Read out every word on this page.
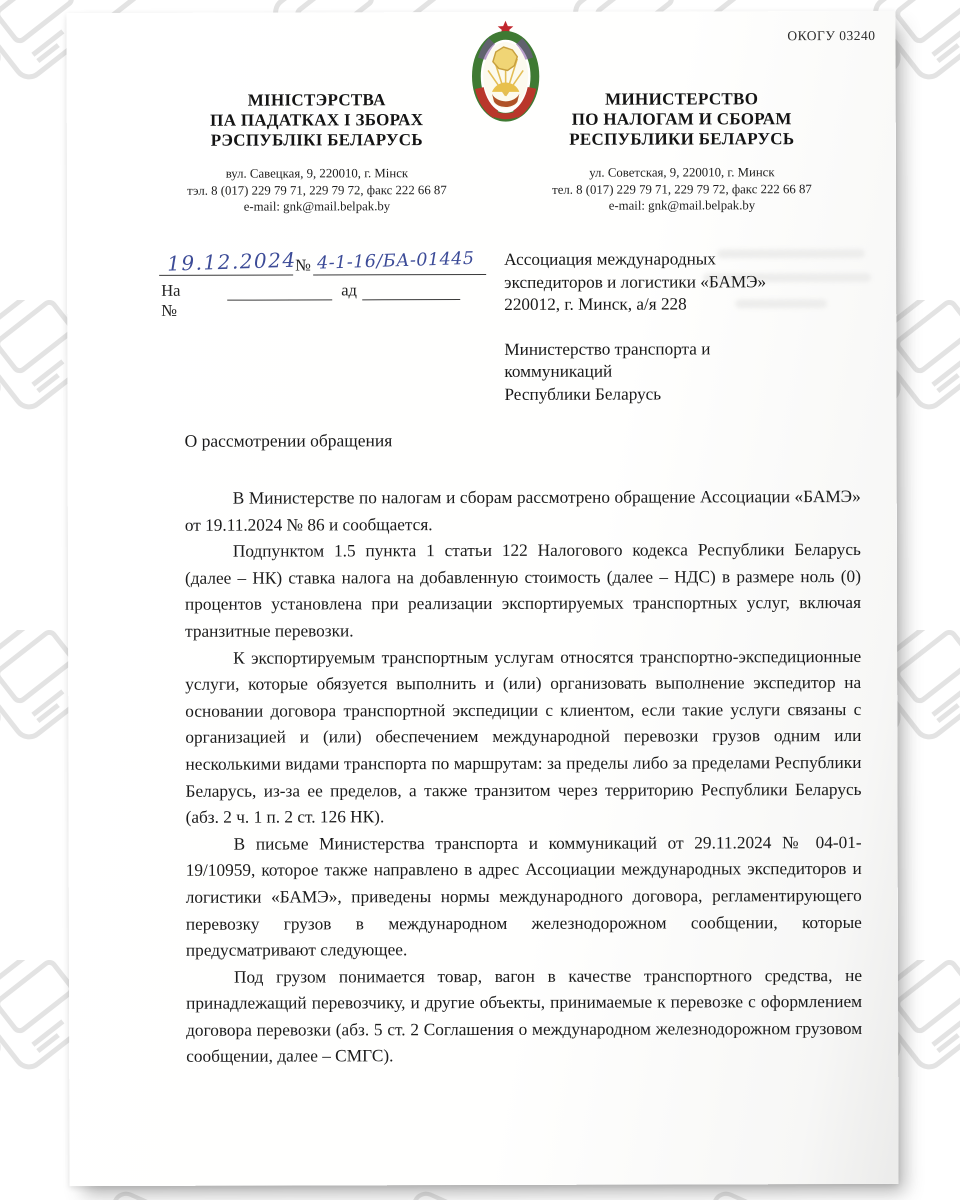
ОКОГУ 03240
МІНІСТЭРСТВА
ПА ПАДАТКАХ І ЗБОРАХ
РЭСПУБЛІКІ БЕЛАРУСЬ
вул. Савецкая, 9, 220010, г. Мінск
тэл. 8 (017) 229 79 71, 229 79 72, факс 222 66 87
e-mail: gnk@mail.belpak.by
МИНИСТЕРСТВО
ПО НАЛОГАМ И СБОРАМ
РЕСПУБЛИКИ БЕЛАРУСЬ
ул. Советская, 9, 220010, г. Минск
тел. 8 (017) 229 79 71, 229 79 72, факс 222 66 87
e-mail: gnk@mail.belpak.by
19.12.2024
№ 4-1-16/БА-01445
На №
ад
Ассоциация международных
экспедиторов и логистики «БАМЭ»
220012, г. Минск, а/я 228
Министерство транспорта и
коммуникаций
Республики Беларусь
О рассмотрении обращения

В Министерстве по налогам и сборам рассмотрено обращение Ассоциации «БАМЭ» от 19.11.2024 № 86 и сообщается.

Подпунктом 1.5 пункта 1 статьи 122 Налогового кодекса Республики Беларусь (далее – НК) ставка налога на добавленную стоимость (далее – НДС) в размере ноль (0) процентов установлена при реализации экспортируемых транспортных услуг, включая транзитные перевозки.

К экспортируемым транспортным услугам относятся транспортно-экспедиционные услуги, которые обязуется выполнить и (или) организовать выполнение экспедитор на основании договора транспортной экспедиции с клиентом, если такие услуги связаны с организацией и (или) обеспечением международной перевозки грузов одним или несколькими видами транспорта по маршрутам: за пределы либо за пределами Республики Беларусь, из-за ее пределов, а также транзитом через территорию Республики Беларусь (абз. 2 ч. 1 п. 2 ст. 126 НК).

В письме Министерства транспорта и коммуникаций от 29.11.2024 № 04-01-19/10959, которое также направлено в адрес Ассоциации международных экспедиторов и логистики «БАМЭ», приведены нормы международного договора, регламентирующего перевозку грузов в международном железнодорожном сообщении, которые предусматривают следующее.

Под грузом понимается товар, вагон в качестве транспортного средства, не принадлежащий перевозчику, и другие объекты, принимаемые к перевозке с оформлением договора перевозки (абз. 5 ст. 2 Соглашения о международном железнодорожном грузовом сообщении, далее – СМГС).
